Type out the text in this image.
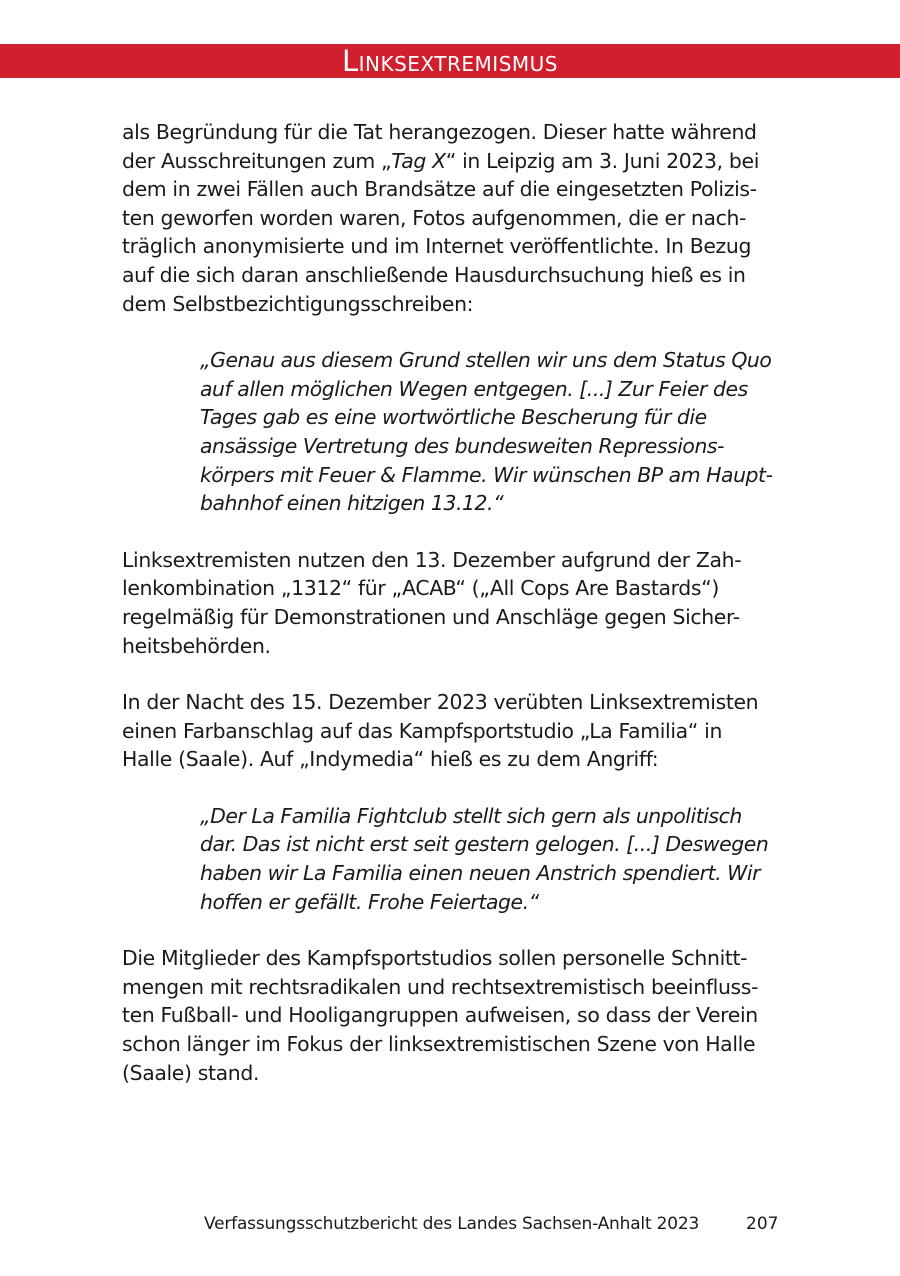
Linksextremismus

als Begründung für die Tat herangezogen. Dieser hatte während
der Ausschreitungen zum „Tag X“ in Leipzig am 3. Juni 2023, bei
dem in zwei Fällen auch Brandsätze auf die eingesetzten Polizis-
ten geworfen worden waren, Fotos aufgenommen, die er nach-
träglich anonymisierte und im Internet veröffentlichte. In Bezug
auf die sich daran anschließende Hausdurchsuchung hieß es in
dem Selbstbezichtigungsschreiben:

„Genau aus diesem Grund stellen wir uns dem Status Quo
auf allen möglichen Wegen entgegen. [...] Zur Feier des
Tages gab es eine wortwörtliche Bescherung für die
ansässige Vertretung des bundesweiten Repressions-
körpers mit Feuer & Flamme. Wir wünschen BP am Haupt-
bahnhof einen hitzigen 13.12.“

Linksextremisten nutzen den 13. Dezember aufgrund der Zah-
lenkombination „1312“ für „ACAB“ („All Cops Are Bastards“)
regelmäßig für Demonstrationen und Anschläge gegen Sicher-
heitsbehörden.

In der Nacht des 15. Dezember 2023 verübten Linksextremisten
einen Farbanschlag auf das Kampfsportstudio „La Familia“ in
Halle (Saale). Auf „Indymedia“ hieß es zu dem Angriff:

„Der La Familia Fightclub stellt sich gern als unpolitisch
dar. Das ist nicht erst seit gestern gelogen. [...] Deswegen
haben wir La Familia einen neuen Anstrich spendiert. Wir
hoffen er gefällt. Frohe Feiertage.“

Die Mitglieder des Kampfsportstudios sollen personelle Schnitt-
mengen mit rechtsradikalen und rechtsextremistisch beeinfluss-
ten Fußball- und Hooligangruppen aufweisen, so dass der Verein
schon länger im Fokus der linksextremistischen Szene von Halle
(Saale) stand.

Verfassungsschutzbericht des Landes Sachsen-Anhalt 2023	207
